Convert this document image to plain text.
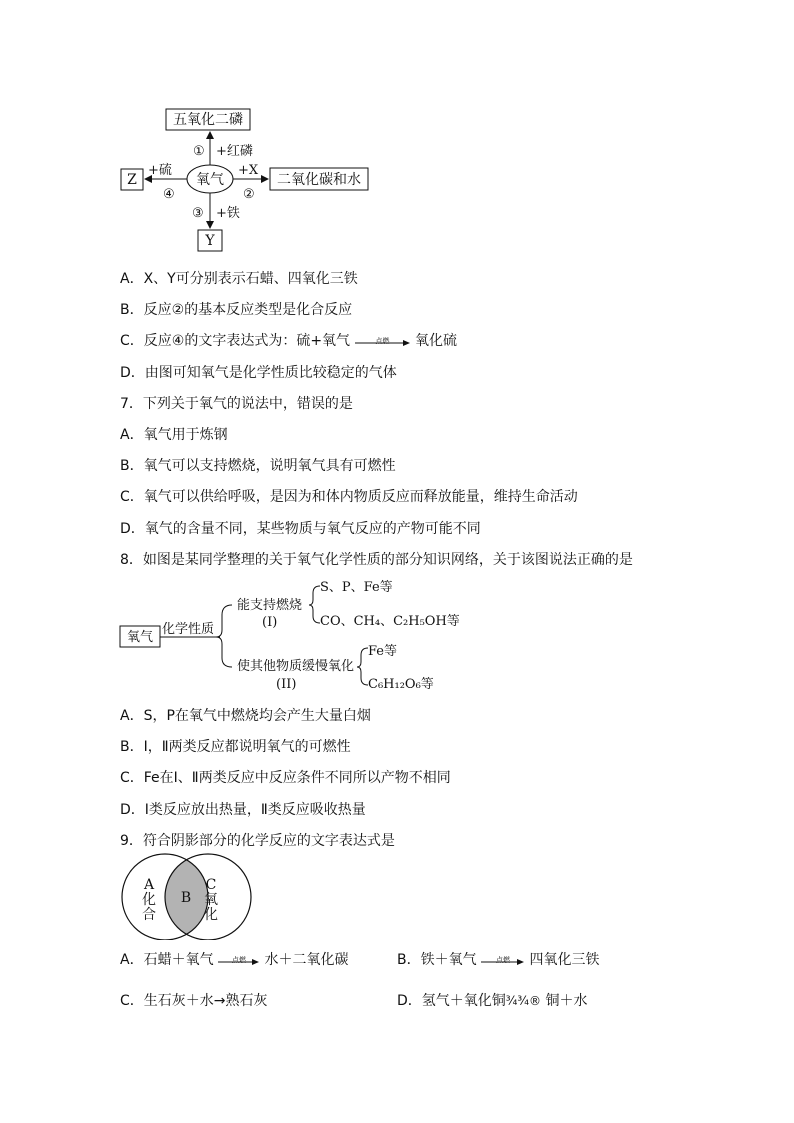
五氧化二磷
氧气	二氧化碳和水
Z
Y
① +红磷
+X
②
③ +铁
+硫
④
A．X、Y可分别表示石蜡、四氧化三铁
B．反应②的基本反应类型是化合反应
C．反应④的文字表达式为：硫+氧气	点燃	氧化硫
D．由图可知氧气是化学性质比较稳定的气体
7．下列关于氧气的说法中，错误的是
A．氧气用于炼钢
B．氧气可以支持燃烧，说明氧气具有可燃性
C．氧气可以供给呼吸，是因为和体内物质反应而释放能量，维持生命活动
D．氧气的含量不同，某些物质与氧气反应的产物可能不同
8．如图是某同学整理的关于氧气化学性质的部分知识网络，关于该图说法正确的是
氧气
化学性质
能支持燃烧
(I)
S、P、Fe等
CO、CH₄、C₂H₅OH等
使其他物质缓慢氧化
(II)
Fe等
C₆H₁₂O₆等
A．S，P在氧气中燃烧均会产生大量白烟
B．Ⅰ，Ⅱ两类反应都说明氧气的可燃性
C．Fe在Ⅰ、Ⅱ两类反应中反应条件不同所以产物不相同
D．Ⅰ类反应放出热量，Ⅱ类反应吸收热量
9．符合阴影部分的化学反应的文字表达式是
A
化
合
B
C
氧
化
A．石蜡＋氧气	点燃	水＋二氧化碳	B．铁＋氧气	点燃	四氧化三铁
C．生石灰＋水→熟石灰	D．氢气＋氧化铜¾¾® 铜＋水
